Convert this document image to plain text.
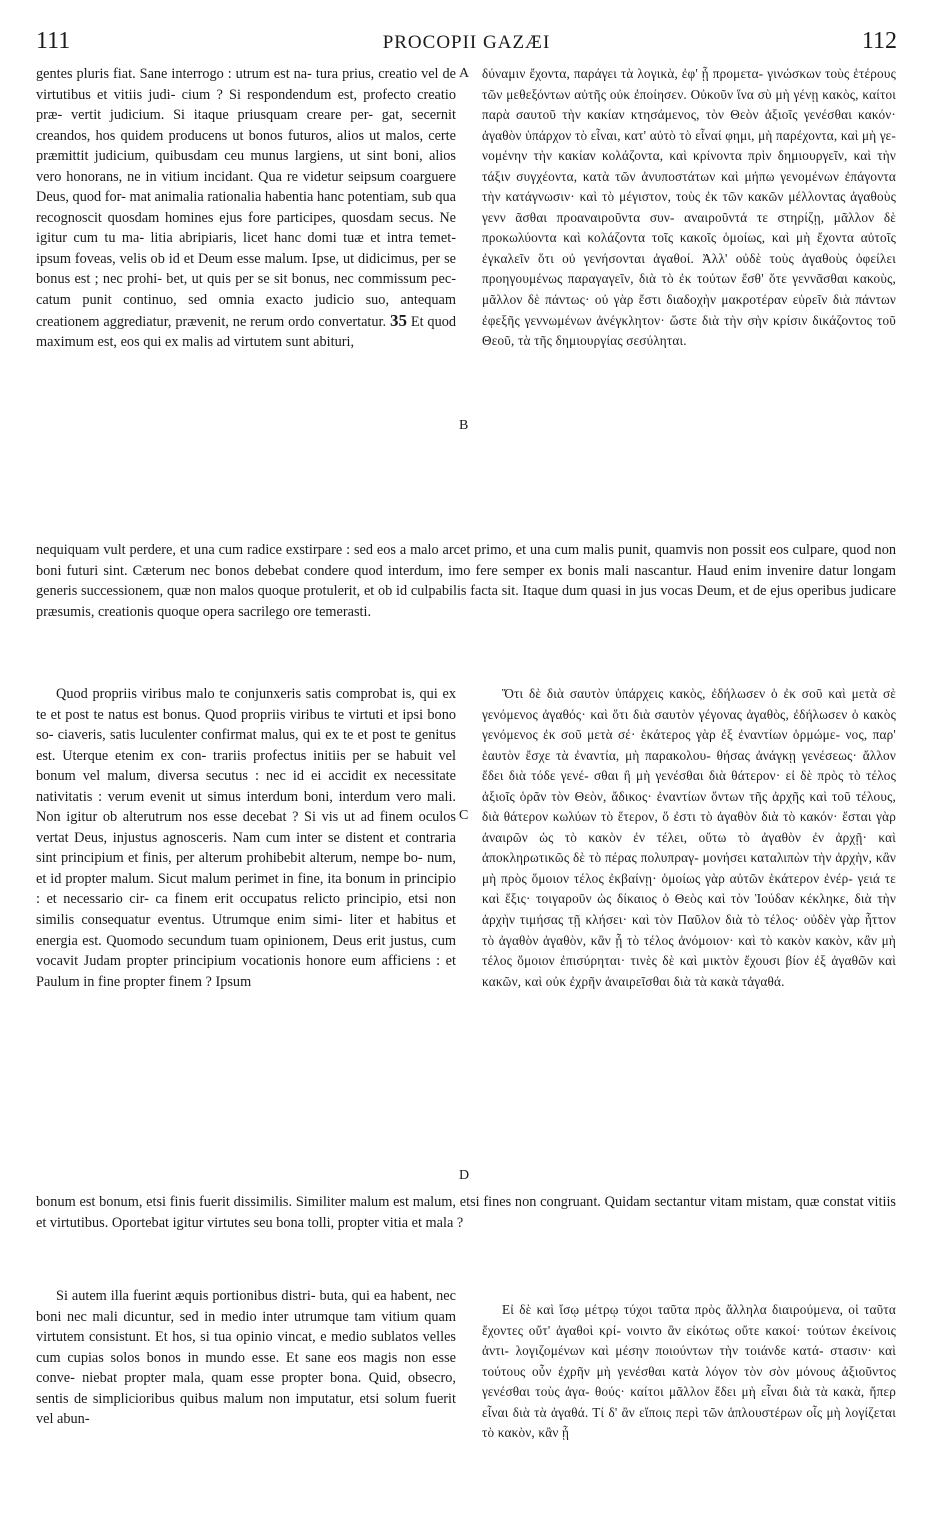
111	PROCOPII GAZÆI	112

gentes pluris fiat. Sane interrogo : utrum est na- tura prius, creatio vel de virtutibus et vitiis judi- cium ? Si respondendum est, profecto creatio præ- vertit judicium. Si itaque priusquam creare per- gat, secernit creandos, hos quidem producens ut bonos futuros, alios ut malos, certe præmittit judicium, quibusdam ceu munus largiens, ut sint boni, alios vero honorans, ne in vitium incidant. Qua re videtur seipsum coarguere Deus, quod for- mat animalia rationalia habentia hanc potentiam, sub qua recognoscit quosdam homines ejus fore participes, quosdam secus. Ne igitur cum tu ma- litia abripiaris, licet hanc domi tuæ et intra temet- ipsum foveas, velis ob id et Deum esse malum. Ipse, ut didicimus, per se bonus est ; nec prohi- bet, ut quis per se sit bonus, nec commissum pec- catum punit continuo, sed omnia exacto judicio suo, antequam creationem aggrediatur, prævenit, ne rerum ordo convertatur. 35 Et quod maximum est, eos qui ex malis ad virtutem sunt abituri,

δύναμιν ἔχοντα, παράγει τὰ λογικὰ, ἐφ' ᾗ προμετα- γινώσκων τοὺς ἑτέρους τῶν μεθεξόντων αὐτῆς οὐκ ἐποίησεν. Οὐκοῦν ἵνα σὺ μὴ γένῃ κακὸς, καίτοι παρὰ σαυτοῦ τὴν κακίαν κτησάμενος, τὸν Θεὸν ἀξιοῖς γενέσθαι κακόν· ἀγαθὸν ὑπάρχον τὸ εἶναι, κατ' αὐτὸ τὸ εἶναί φημι, μὴ παρέχοντα, καὶ μὴ γε- νομένην τὴν κακίαν κολάζοντα, καὶ κρίνοντα πρὶν δημιουργεῖν, καὶ τὴν τάξιν συγχέοντα, κατὰ τῶν ἀνυποστάτων καὶ μήπω γενομένων ἐπάγοντα τὴν κατάγνωσιν· καὶ τὸ μέγιστον, τοὺς ἐκ τῶν κακῶν μέλλοντας ἀγαθοὺς γενν ᾶσθαι προαναιροῦντα συν- αναιροῦντά τε στηρίζῃ, μᾶλλον δὲ προκωλύοντα καὶ κολάζοντα τοῖς κακοῖς ὁμοίως, καὶ μὴ ἔχοντα αὐτοῖς ἐγκαλεῖν ὅτι οὐ γενήσονται ἀγαθοί. Ἀλλ' οὐδὲ τοὺς ἀγαθοὺς ὀφείλει προηγουμένως παραγαγεῖν, διὰ τὸ ἐκ τούτων ἔσθ' ὅτε γεννᾶσθαι κακοὺς, μᾶλλον δὲ πάντως· οὐ γὰρ ἔστι διαδοχὴν μακροτέραν εὑρεῖν διὰ πάντων ἐφεξῆς γεννωμένων ἀνέγκλητον· ὥστε διὰ τὴν σὴν κρίσιν δικάζοντος τοῦ Θεοῦ, τὰ τῆς δημιουργίας σεσύληται.

A
B

nequiquam vult perdere, et una cum radice exstirpare : sed eos a malo arcet primo, et una cum malis punit, quamvis non possit eos culpare, quod non boni futuri sint. Cæterum nec bonos debebat condere quod interdum, imo fere semper ex bonis mali nascantur. Haud enim invenire datur longam generis successionem, quæ non malos quoque protulerit, et ob id culpabilis facta sit. Itaque dum quasi in jus vocas Deum, et de ejus operibus judicare præsumis, creationis quoque opera sacrilego ore temerasti.

Quod propriis viribus malo te conjunxeris satis comprobat is, qui ex te et post te natus est bonus. Quod propriis viribus te virtuti et ipsi bono so- ciaveris, satis luculenter confirmat malus, qui ex te et post te genitus est. Uterque etenim ex con- trariis profectus initiis per se habuit vel bonum vel malum, diversa secutus : nec id ei accidit ex necessitate nativitatis : verum evenit ut simus interdum boni, interdum vero mali. Non igitur ob alterutrum nos esse decebat ? Si vis ut ad finem oculos vertat Deus, injustus agnosceris. Nam cum inter se distent et contraria sint principium et finis, per alterum prohibebit alterum, nempe bo- num, et id propter malum. Sicut malum perimet in fine, ita bonum in principio : et necessario cir- ca finem erit occupatus relicto principio, etsi non similis consequatur eventus. Utrumque enim simi- liter et habitus et energia est. Quomodo secundum tuam opinionem, Deus erit justus, cum vocavit Judam propter principium vocationis honore eum afficiens : et Paulum in fine propter finem ? Ipsum

Ὅτι δὲ διὰ σαυτὸν ὑπάρχεις κακὸς, ἐδήλωσεν ὁ ἐκ σοῦ καὶ μετὰ σὲ γενόμενος ἀγαθός· καὶ ὅτι διὰ σαυτὸν γέγονας ἀγαθὸς, ἐδήλωσεν ὁ κακὸς γενόμενος ἐκ σοῦ μετὰ σέ· ἑκάτερος γὰρ ἐξ ἐναντίων ὁρμώμε- νος, παρ' ἑαυτὸν ἔσχε τὰ ἐναντία, μὴ παρακολου- θήσας ἀνάγκῃ γενέσεως· ἄλλον ἔδει διὰ τόδε γενέ- σθαι ἢ μὴ γενέσθαι διὰ θάτερον· εἰ δὲ πρὸς τὸ τέλος ἀξιοῖς ὁρᾶν τὸν Θεὸν, ἄδικος· ἐναντίων ὄντων τῆς ἀρχῆς καὶ τοῦ τέλους, διὰ θάτερον κωλύων τὸ ἕτερον, ὅ ἐστι τὸ ἀγαθὸν διὰ τὸ κακόν· ἔσται γὰρ ἀναιρῶν ὡς τὸ κακὸν ἐν τέλει, οὕτω τὸ ἀγαθὸν ἐν ἀρχῇ· καὶ ἀποκληρωτικῶς δὲ τὸ πέρας πολυπραγ- μονήσει καταλιπὼν τὴν ἀρχὴν, κἂν μὴ πρὸς ὅμοιον τέλος ἐκβαίνῃ· ὁμοίως γὰρ αὐτῶν ἑκάτερον ἐνέρ- γειά τε καὶ ἕξις· τοιγαροῦν ὡς δίκαιος ὁ Θεὸς καὶ τὸν Ἰούδαν κέκληκε, διὰ τὴν ἀρχὴν τιμήσας τῇ κλήσει· καὶ τὸν Παῦλον διὰ τὸ τέλος· οὐδὲν γὰρ ἧττον τὸ ἀγαθὸν ἀγαθὸν, κἂν ᾖ τὸ τέλος ἀνόμοιον· καὶ τὸ κακὸν κακὸν, κἂν μὴ τέλος ὅμοιον ἐπισύρηται· τινὲς δὲ καὶ μικτὸν ἔχουσι βίον ἐξ ἀγαθῶν καὶ κακῶν, καὶ οὐκ ἐχρῆν ἀναιρεῖσθαι διὰ τὰ κακὰ τἀγαθά.

C
D

bonum est bonum, etsi finis fuerit dissimilis. Similiter malum est malum, etsi fines non congruant. Quidam sectantur vitam mistam, quæ constat vitiis et virtutibus. Oportebat igitur virtutes seu bona tolli, propter vitia et mala ?

Si autem illa fuerint æquis portionibus distri- buta, qui ea habent, nec boni nec mali dicuntur, sed in medio inter utrumque tam vitium quam virtutem consistunt. Et hos, si tua opinio vincat, e medio sublatos velles cum cupias solos bonos in mundo esse. Et sane eos magis non esse conve- niebat propter mala, quam esse propter bona. Quid, obsecro, sentis de simplicioribus quibus malum non imputatur, etsi solum fuerit vel abun-

Εἰ δὲ καὶ ἴσῳ μέτρῳ τύχοι ταῦτα πρὸς ἄλληλα διαιρούμενα, οἱ ταῦτα ἔχοντες οὔτ' ἀγαθοὶ κρί- νοιντο ἂν εἰκότως οὔτε κακοί· τούτων ἐκείνοις ἀντι- λογιζομένων καὶ μέσην ποιούντων τὴν τοιάνδε κατά- στασιν· καὶ τούτους οὖν ἐχρῆν μὴ γενέσθαι κατὰ λόγον τὸν σὸν μόνους ἀξιοῦντος γενέσθαι τοὺς ἀγα- θούς· καίτοι μᾶλλον ἔδει μὴ εἶναι διὰ τὰ κακὰ, ἤπερ εἶναι διὰ τὰ ἀγαθά. Τί δ' ἂν εἴποις περὶ τῶν ἁπλουστέρων οἷς μὴ λογίζεται τὸ κακὸν, κἂν ᾖ
